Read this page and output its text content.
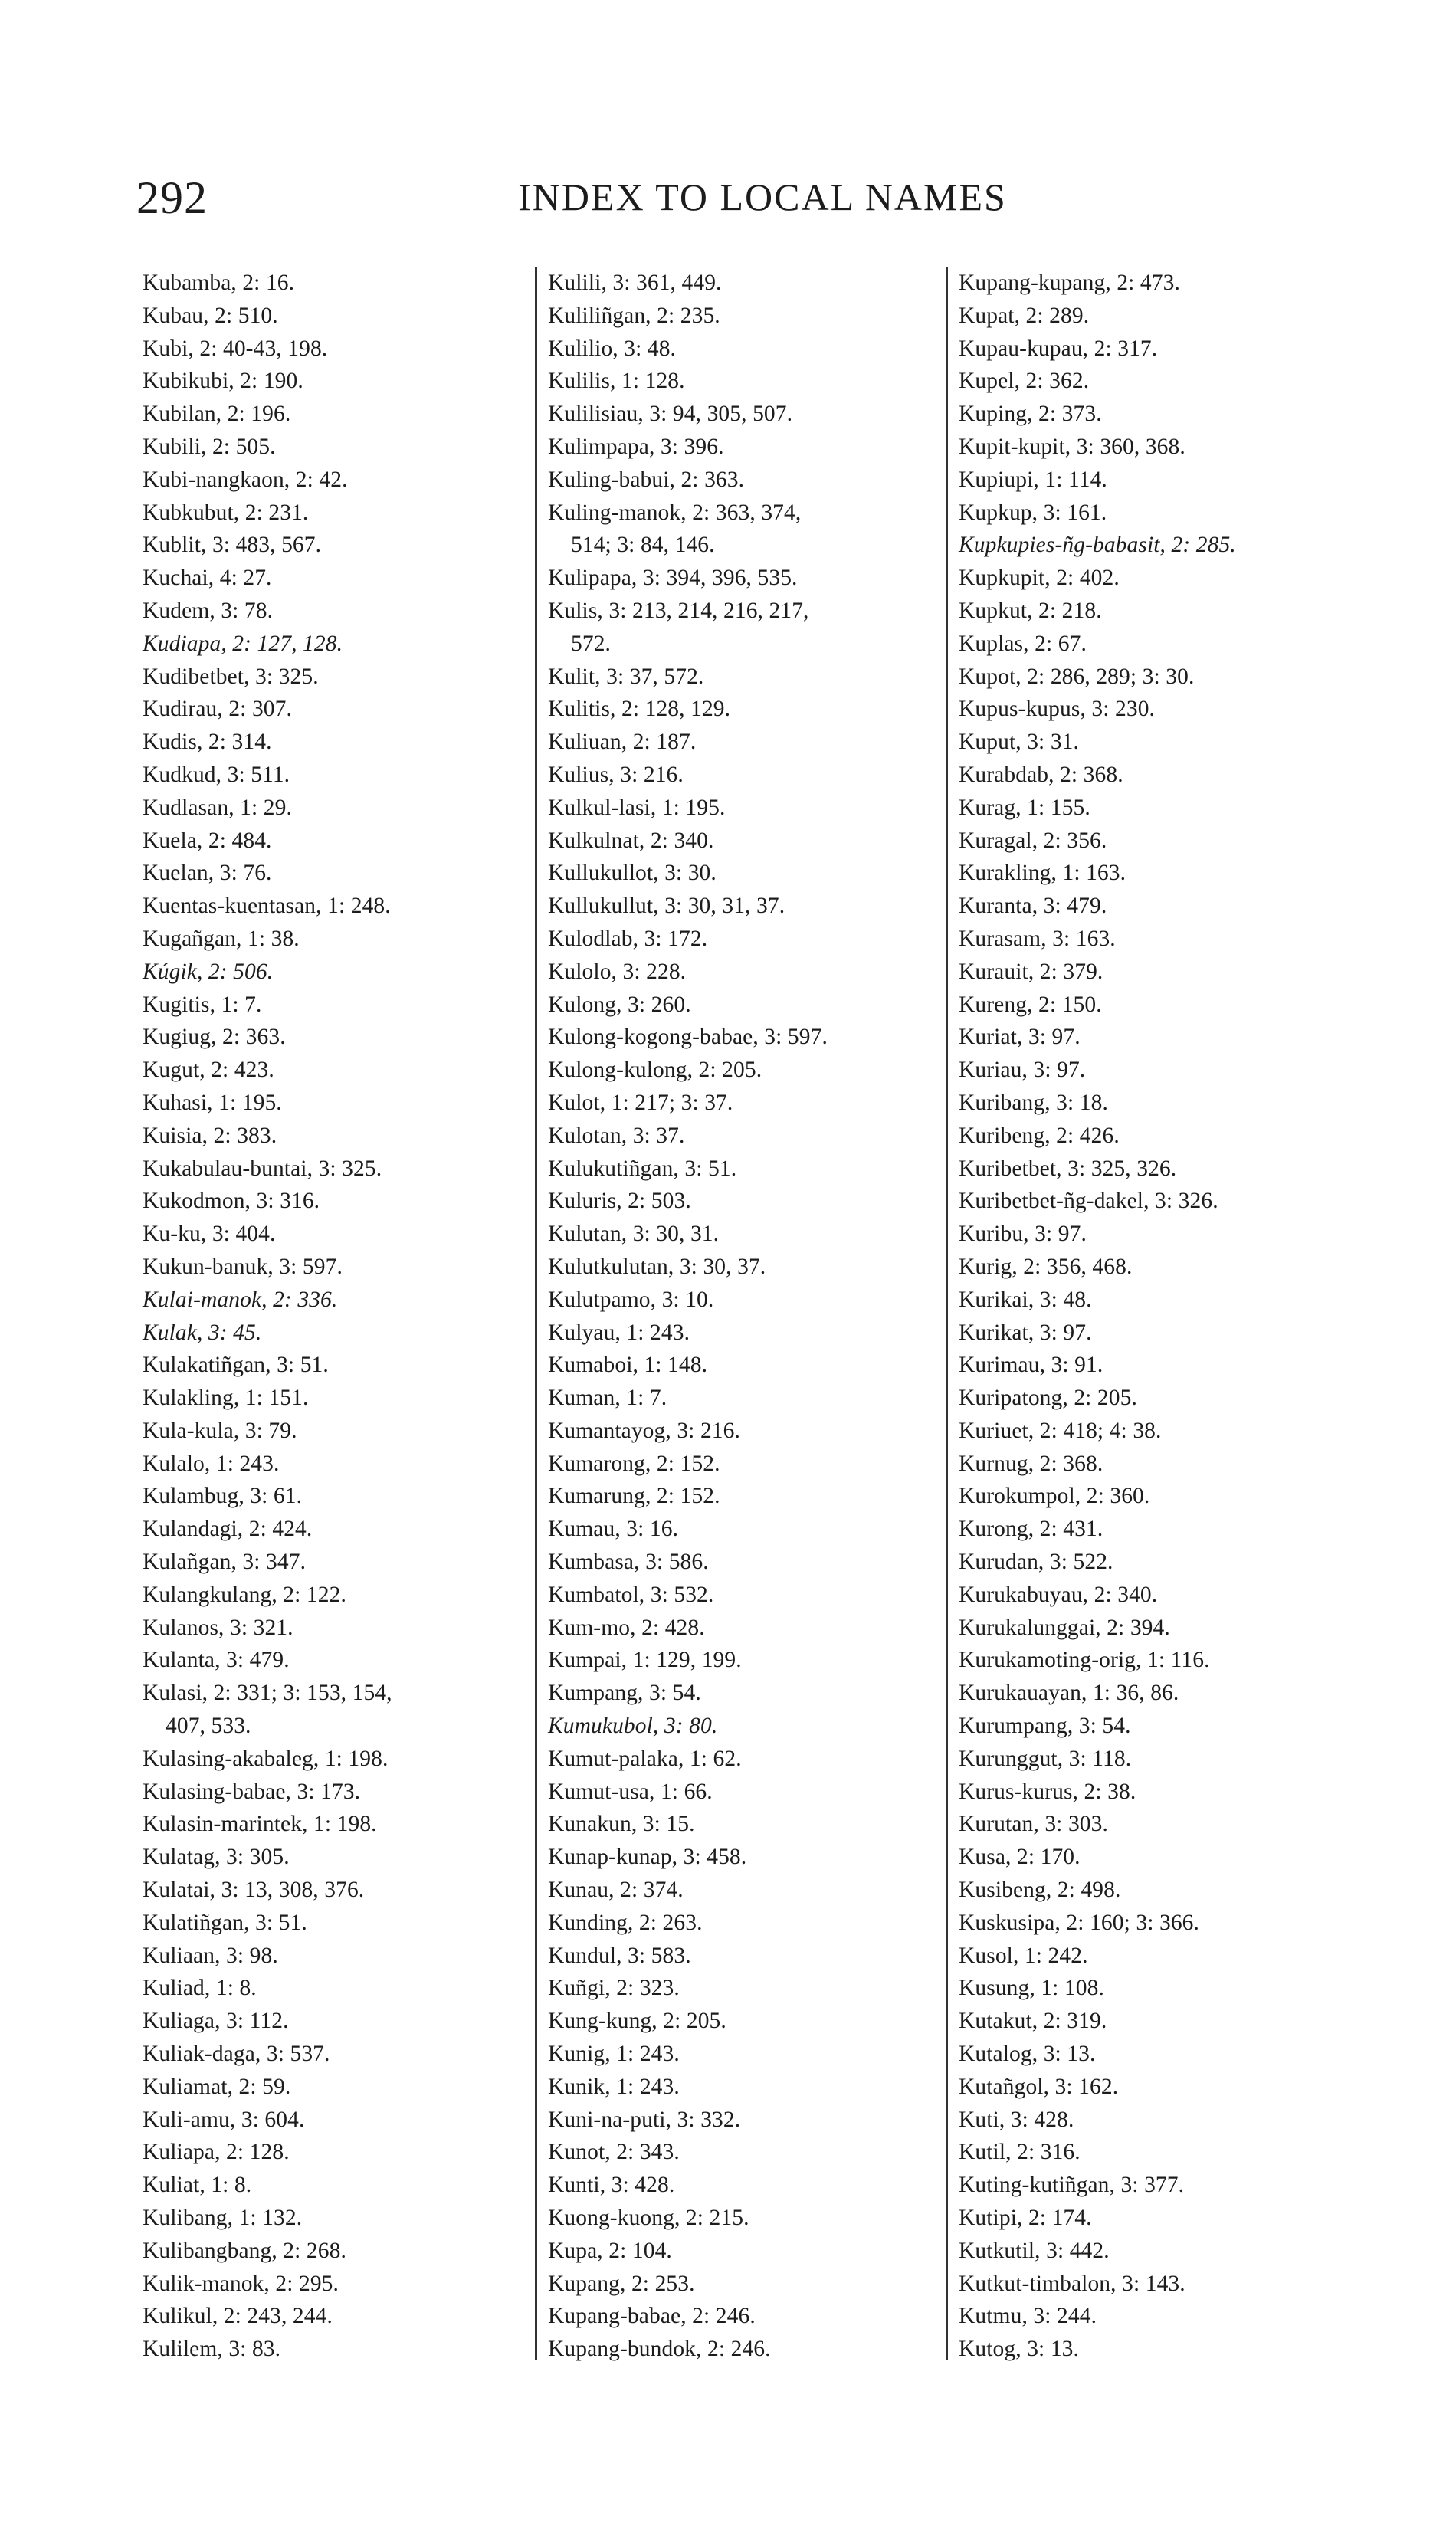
292	INDEX TO LOCAL NAMES
Kubamba, 2: 16.
Kubau, 2: 510.
Kubi, 2: 40-43, 198.
Kubikubi, 2: 190.
Kubilan, 2: 196.
Kubili, 2: 505.
Kubi-nangkaon, 2: 42.
Kubkubut, 2: 231.
Kublit, 3: 483, 567.
Kuchai, 4: 27.
Kudem, 3: 78.
Kudiapa, 2: 127, 128.
Kudibetbet, 3: 325.
Kudirau, 2: 307.
Kudis, 2: 314.
Kudkud, 3: 511.
Kudlasan, 1: 29.
Kuela, 2: 484.
Kuelan, 3: 76.
Kuentas-kuentasan, 1: 248.
Kugañgan, 1: 38.
Kúgik, 2: 506.
Kugitis, 1: 7.
Kugiug, 2: 363.
Kugut, 2: 423.
Kuhasi, 1: 195.
Kuisia, 2: 383.
Kukabulau-buntai, 3: 325.
Kukodmon, 3: 316.
Ku-ku, 3: 404.
Kukun-banuk, 3: 597.
Kulai-manok, 2: 336.
Kulak, 3: 45.
Kulakatiñgan, 3: 51.
Kulakling, 1: 151.
Kula-kula, 3: 79.
Kulalo, 1: 243.
Kulambug, 3: 61.
Kulandagi, 2: 424.
Kulañgan, 3: 347.
Kulangkulang, 2: 122.
Kulanos, 3: 321.
Kulanta, 3: 479.
Kulasi, 2: 331; 3: 153, 154,
407, 533.
Kulasing-akabaleg, 1: 198.
Kulasing-babae, 3: 173.
Kulasin-marintek, 1: 198.
Kulatag, 3: 305.
Kulatai, 3: 13, 308, 376.
Kulatiñgan, 3: 51.
Kuliaan, 3: 98.
Kuliad, 1: 8.
Kuliaga, 3: 112.
Kuliak-daga, 3: 537.
Kuliamat, 2: 59.
Kuli-amu, 3: 604.
Kuliapa, 2: 128.
Kuliat, 1: 8.
Kulibang, 1: 132.
Kulibangbang, 2: 268.
Kulik-manok, 2: 295.
Kulikul, 2: 243, 244.
Kulilem, 3: 83.
Kulili, 3: 361, 449.
Kuliliñgan, 2: 235.
Kulilio, 3: 48.
Kulilis, 1: 128.
Kulilisiau, 3: 94, 305, 507.
Kulimpapa, 3: 396.
Kuling-babui, 2: 363.
Kuling-manok, 2: 363, 374,
514; 3: 84, 146.
Kulipapa, 3: 394, 396, 535.
Kulis, 3: 213, 214, 216, 217,
572.
Kulit, 3: 37, 572.
Kulitis, 2: 128, 129.
Kuliuan, 2: 187.
Kulius, 3: 216.
Kulkul-lasi, 1: 195.
Kulkulnat, 2: 340.
Kullukullot, 3: 30.
Kullukullut, 3: 30, 31, 37.
Kulodlab, 3: 172.
Kulolo, 3: 228.
Kulong, 3: 260.
Kulong-kogong-babae, 3: 597.
Kulong-kulong, 2: 205.
Kulot, 1: 217; 3: 37.
Kulotan, 3: 37.
Kulukutiñgan, 3: 51.
Kuluris, 2: 503.
Kulutan, 3: 30, 31.
Kulutkulutan, 3: 30, 37.
Kulutpamo, 3: 10.
Kulyau, 1: 243.
Kumaboi, 1: 148.
Kuman, 1: 7.
Kumantayog, 3: 216.
Kumarong, 2: 152.
Kumarung, 2: 152.
Kumau, 3: 16.
Kumbasa, 3: 586.
Kumbatol, 3: 532.
Kum-mo, 2: 428.
Kumpai, 1: 129, 199.
Kumpang, 3: 54.
Kumukubol, 3: 80.
Kumut-palaka, 1: 62.
Kumut-usa, 1: 66.
Kunakun, 3: 15.
Kunap-kunap, 3: 458.
Kunau, 2: 374.
Kunding, 2: 263.
Kundul, 3: 583.
Kuñgi, 2: 323.
Kung-kung, 2: 205.
Kunig, 1: 243.
Kunik, 1: 243.
Kuni-na-puti, 3: 332.
Kunot, 2: 343.
Kunti, 3: 428.
Kuong-kuong, 2: 215.
Kupa, 2: 104.
Kupang, 2: 253.
Kupang-babae, 2: 246.
Kupang-bundok, 2: 246.
Kupang-kupang, 2: 473.
Kupat, 2: 289.
Kupau-kupau, 2: 317.
Kupel, 2: 362.
Kuping, 2: 373.
Kupit-kupit, 3: 360, 368.
Kupiupi, 1: 114.
Kupkup, 3: 161.
Kupkupies-ñg-babasit, 2: 285.
Kupkupit, 2: 402.
Kupkut, 2: 218.
Kuplas, 2: 67.
Kupot, 2: 286, 289; 3: 30.
Kupus-kupus, 3: 230.
Kuput, 3: 31.
Kurabdab, 2: 368.
Kurag, 1: 155.
Kuragal, 2: 356.
Kurakling, 1: 163.
Kuranta, 3: 479.
Kurasam, 3: 163.
Kurauit, 2: 379.
Kureng, 2: 150.
Kuriat, 3: 97.
Kuriau, 3: 97.
Kuribang, 3: 18.
Kuribeng, 2: 426.
Kuribetbet, 3: 325, 326.
Kuribetbet-ñg-dakel, 3: 326.
Kuribu, 3: 97.
Kurig, 2: 356, 468.
Kurikai, 3: 48.
Kurikat, 3: 97.
Kurimau, 3: 91.
Kuripatong, 2: 205.
Kuriuet, 2: 418; 4: 38.
Kurnug, 2: 368.
Kurokumpol, 2: 360.
Kurong, 2: 431.
Kurudan, 3: 522.
Kurukabuyau, 2: 340.
Kurukalunggai, 2: 394.
Kurukamoting-orig, 1: 116.
Kurukauayan, 1: 36, 86.
Kurumpang, 3: 54.
Kurunggut, 3: 118.
Kurus-kurus, 2: 38.
Kurutan, 3: 303.
Kusa, 2: 170.
Kusibeng, 2: 498.
Kuskusipa, 2: 160; 3: 366.
Kusol, 1: 242.
Kusung, 1: 108.
Kutakut, 2: 319.
Kutalog, 3: 13.
Kutañgol, 3: 162.
Kuti, 3: 428.
Kutil, 2: 316.
Kuting-kutiñgan, 3: 377.
Kutipi, 2: 174.
Kutkutil, 3: 442.
Kutkut-timbalon, 3: 143.
Kutmu, 3: 244.
Kutog, 3: 13.
